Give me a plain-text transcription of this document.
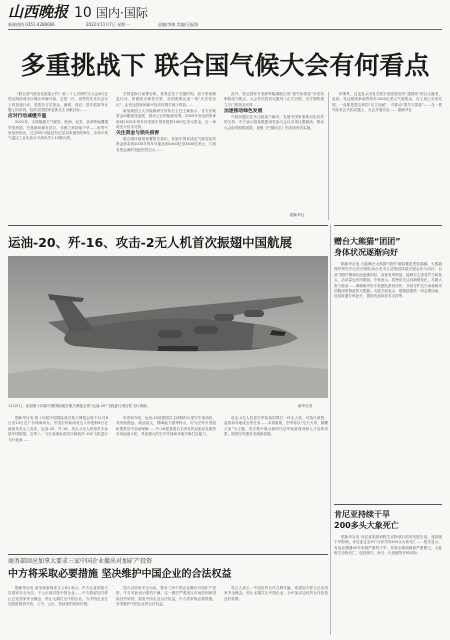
山西晚报 10 国内·国际
新闻热线 0351-4286666	2022年11月7日 星期一	责编/李敏 美编/王振翔
多重挑战下 联合国气候大会有何看点

《联合国气候变化框架公约》第二十七次缔约方大会6日在埃及海滨城市沙姆沙伊赫开幕，这是一次，世界将在本次会议上的加速行动，是着各方在资金、减缓、适应、损失损害等议题上的谈判，包括各国国家更新自主贡献目标……

应对行动减缓升温

2022年，全球极端天气频发，欧洲、北美、亚洲等地遭遇罕见热浪，巴基斯坦暴发洪灾，非洲之角持续干旱……世界气象组织指出，过去8年可能是有记录以来最热的8年，全球平均气温比工业化前水平高出约1.15摄氏度。

古特雷斯日前警告称，世界正处于关键时刻，如不采取紧急行动，将面临灾难性后果，各国需要达成一项“历史性协议”，由发达国家和新兴经济体携手减少排放……

新加坡国立大学能源研究所执行主任王颖表示，各方应就资金问题取得进展，推动公正的能源转型。2009年发达国家承诺到2020年每年向发展中国家提供1000亿美元资金，这一承诺至今仍未兑现。

关注资金与损失损害

联合国环境规划署报告指出，发展中国家适应气候变化的资金需求到2030年每年可能达到1600亿至3400亿美元，与现有资金流的差距依然巨大……

此外，发达国家对非洲等脆弱地区的“损失和损害”补偿机制将成为焦点，大会首次将该议题列入正式议程，各方期待建立专门的资金安排……

加速推动绿色发展

气候问题应在多边框架下解决，发展中国家需要切实有效的支持。中方表示将积极建设性参与会议各项议题磋商，推动大会取得积极成果，加强《巴黎协定》的全面有效实施。

的事件，这也显示出有关报告里面提出的“超国家”的巨大落差。此前，发达国家承诺的每年1000亿美元气候资金，在上周已全部兑现。一直都是提交到的“自主贡献”，并推动“损失与损害”……在一系列非常正式的议题上，大会开展讨论…… 据新华社

据新华社
运油-20、歼-16、攻击-2无人机首次振翅中国航展
11月5日，参加第十四届中国国际航空航天博览会的“运油-20”飞机进行适应性飞行训练。	新华社发

据新华社电 第十四届中国国际航空航天博览会将于11月8日至13日在广东珠海举办。中国空军新闻发言人申进科6日在新闻发布会上宣布，运油-20、歼-16、攻击-2无人机将首次参展中国航展，空军八一飞行表演队将首次换装歼-10C飞机进行飞行表演……

申进科介绍，运油-20是我国自主研制的大型空中加油机，具有航程远、载油量大、保障能力强等特点，可为空军多型战机提供空中加油保障……歼-16是我国自主研发的双座双发重型多用途战斗机，具备强大的空中作战和对地对海打击能力。

攻击-2无人机是空军装备的察打一体无人机，可执行侦察、监视和对地攻击等任务……本届航展，空军将以“空天大军，雄鹰万里”为主题，首次集中展示新时代空军装备建设和人才培养成果，展现空军建设发展新面貌。

商务部回应加拿大要求三家中国企业撤出对加矿产投资
中方将采取必要措施 坚决维护中国企业的合法权益

据新华社电 商务部新闻发言人6日表示，中方注意到加方以国家安全为由，不公正地对待中国企业……中方敦促加方停止泛化国家安全概念、停止无端打压中国企业，为中国企业在加投资提供开放、公平、公正、非歧视的营商环境。

加方以国家安全为由，要求三家中国企业撤出对加矿产投资，中方对此表示强烈不满。这一做法严重违反市场原则和国际经贸规则，损害中国企业合法权益，中方将采取必要措施，坚决维护中国企业的合法权益。

发言人表示，中加经贸合作互利共赢，希望加方停止泛化国家安全概念，停止无端打压中国企业，为中加双边经贸合作营造良好氛围。

赠台大熊猫“团团”
身体状况逐渐向好

据新华社电 大陆赠台大熊猫“团团”疑似罹患恶性脑瘤，大熊猫保护研究中心医疗团队和台北市立动物园持续开展会诊与治疗。目前“团团”精神状况逐渐向好，食欲有所恢复，能够自主进食竹子和窝头，活动量也有所增加。专家表示，将密切关注其病情变化，尽最大努力救治……海峡两岸的专家团队密切协作，共同守护这只承载两岸同胞深厚情谊的大熊猫。大陆方面表示，愿继续提供一切必要协助，包括派遣专家赴台、提供药品和技术支持等。

肯尼亚持续干旱
200多头大象死亡

据新华社电 肯尼亚旅游和野生动物部日前发布报告说，受持续干旱影响，肯尼亚过去9个月里共有205头大象死亡……报告显示，肯尼亚遭遇40年来最严重的干旱，导致水源和植被严重匮乏，大批野生动物死亡，包括斑马、角马、长颈鹿等多种动物。
